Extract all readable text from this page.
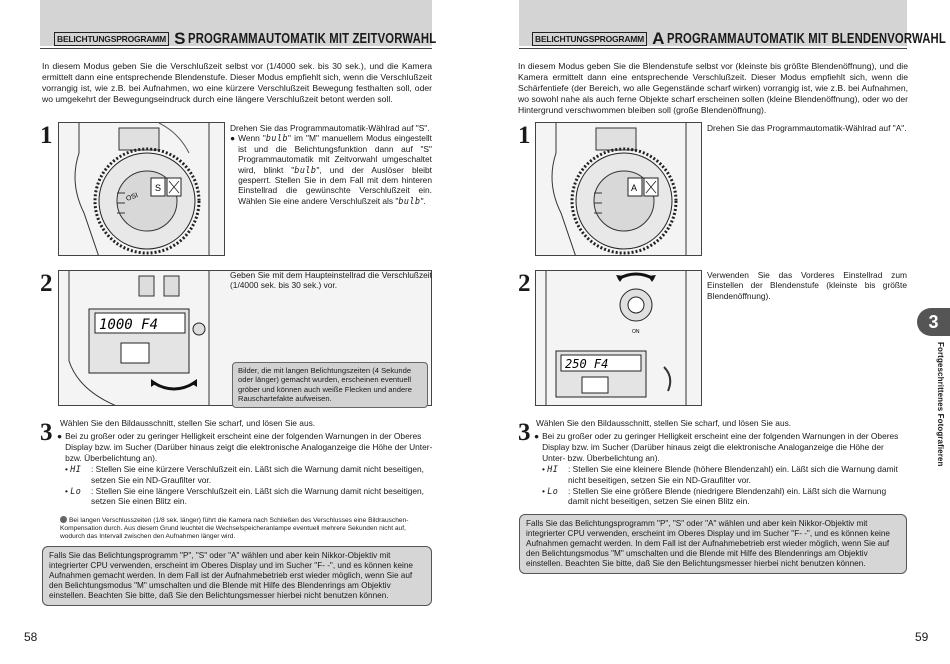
BELICHTUNGSPROGRAMM S PROGRAMMAUTOMATIK MIT ZEITVORWAHL
In diesem Modus geben Sie die Verschlußzeit selbst vor (1/4000 sek. bis 30 sek.), und die Kamera ermittelt dann eine entsprechende Blendenstufe. Dieser Modus empfiehlt sich, wenn die Verschlußzeit vorrangig ist, wie z.B. bei Aufnahmen, wo eine kürzere Verschlußzeit Bewegung festhalten soll, oder wo umgekehrt der Bewegungseindruck durch eine längere Verschlußzeit betont werden soll.
1
OSI
S

Drehen Sie das Programmautomatik-Wählrad auf "S".

● Wenn "bulb" im "M" manuellem Modus eingestellt ist und die Belichtungsfunktion dann auf "S" Programmautomatik mit Zeitvorwahl umgeschaltet wird, blinkt "bulb", und der Auslöser bleibt gesperrt. Stellen Sie in dem Fall mit dem hinteren Einstellrad die gewünschte Verschlußzeit ein. Wählen Sie eine andere Verschlußzeit als "bulb".
2
1000 F4
Geben Sie mit dem Haupteinstellrad die Verschlußzeit (1/4000 sek. bis 30 sek.) vor.
Bilder, die mit langen Belichtungszeiten (4 Sekunde oder länger) gemacht wurden, erscheinen eventuell gröber und können auch weiße Flecken und andere Rauschartefakte aufweisen.
3 Wählen Sie den Bildausschnitt, stellen Sie scharf, und lösen Sie aus.
● Bei zu großer oder zu geringer Helligkeit erscheint eine der folgenden Warnungen in der Oberes Display bzw. im Sucher (Darüber hinaus zeigt die elektronische Analoganzeige die Höhe der Unter- bzw. Überbelichtung an).
• HI	: Stellen Sie eine kürzere Verschlußzeit ein. Läßt sich die Warnung damit nicht beseitigen, setzen Sie ein ND-Graufilter vor.
• Lo	: Stellen Sie eine längere Verschlußzeit ein. Läßt sich die Warnung damit nicht beseitigen, setzen Sie einen Blitz ein.
Bei langen Verschlusszeiten (1/8 sek. länger) führt die Kamera nach Schließen des Verschlusses eine Bildrauschen-Kompensation durch. Aus diesem Grund leuchtet die Wechselspeicheranlampe eventuell mehrere Sekunden nicht auf, wodurch das Intervall zwischen den Aufnahmen länger wird.
Falls Sie das Belichtungsprogramm "P", "S" oder "A" wählen und aber kein Nikkor-Objektiv mit integrierter CPU verwenden, erscheint im Oberes Display und im Sucher "F- -", und es können keine Aufnahmen gemacht werden. In dem Fall ist der Aufnahmebetrieb erst wieder möglich, wenn Sie auf den Belichtungsmodus "M" umschalten und die Blende mit Hilfe des Blendenrings am Objektiv einstellen. Beachten Sie bitte, daß Sie den Belichtungsmesser hierbei nicht benutzen können.
58
BELICHTUNGSPROGRAMM A PROGRAMMAUTOMATIK MIT BLENDENVORWAHL
In diesem Modus geben Sie die Blendenstufe selbst vor (kleinste bis größte Blendenöffnung), und die Kamera ermittelt dann eine entsprechende Verschlußzeit. Dieser Modus empfiehlt sich, wenn die Schärfentiefe (der Bereich, wo alle Gegenstände scharf wirken) vorrangig ist, wie z.B. bei Aufnahmen, wo sowohl nahe als auch ferne Objekte scharf erscheinen sollen (kleine Blendenöffnung), oder wo der Hintergrund verschwommen bleiben soll (große Blendenöffnung).
1
A
Drehen Sie das Programmautomatik-Wählrad auf "A".
2
ON
250 F4
Verwenden Sie das Vorderes Einstellrad zum Einstellen der Blendenstufe (kleinste bis größte Blendenöffnung).
3 Wählen Sie den Bildausschnitt, stellen Sie scharf, und lösen Sie aus.
● Bei zu großer oder zu geringer Helligkeit erscheint eine der folgenden Warnungen in der Oberes Display bzw. im Sucher (Darüber hinaus zeigt die elektronische Analoganzeige die Höhe der Unter- bzw. Überbelichtung an).
• HI	: Stellen Sie eine kleinere Blende (höhere Blendenzahl) ein. Läßt sich die Warnung damit nicht beseitigen, setzen Sie ein ND-Graufilter vor.
• Lo	: Stellen Sie eine größere Blende (niedrigere Blendenzahl) ein. Läßt sich die Warnung damit nicht beseitigen, setzen Sie einen Blitz ein.
Falls Sie das Belichtungsprogramm "P", "S" oder "A" wählen und aber kein Nikkor-Objektiv mit integrierter CPU verwenden, erscheint im Oberes Display und im Sucher "F- -", und es können keine Aufnahmen gemacht werden. In dem Fall ist der Aufnahmebetrieb erst wieder möglich, wenn Sie auf den Belichtungsmodus "M" umschalten und die Blende mit Hilfe des Blendenrings am Objektiv einstellen. Beachten Sie bitte, daß Sie den Belichtungsmesser hierbei nicht benutzen können.
59
3
Fortgeschrittenes Fotografieren
